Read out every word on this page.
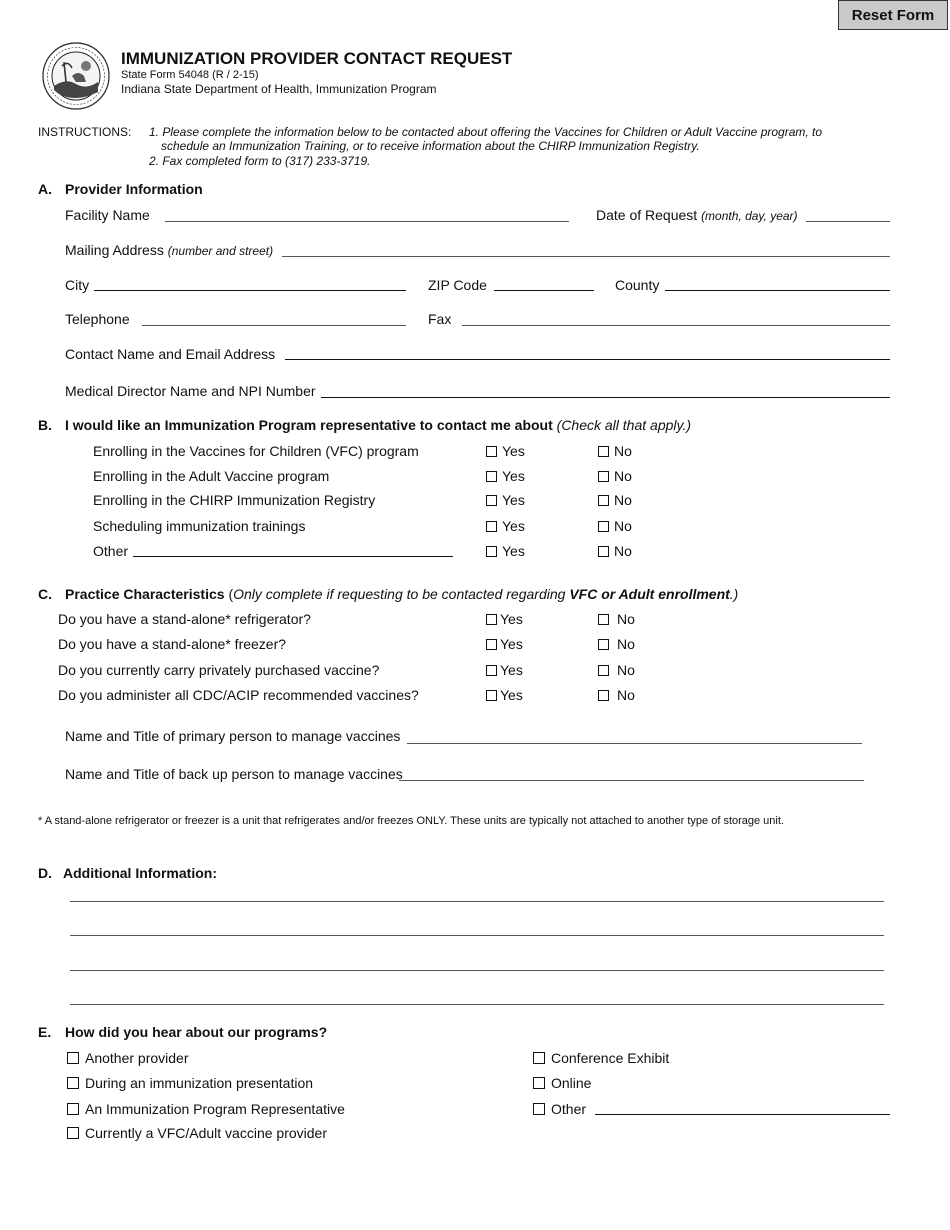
Reset Form
IMMUNIZATION PROVIDER CONTACT REQUEST
State Form 54048 (R / 2-15)
Indiana State Department of Health, Immunization Program
INSTRUCTIONS: 1. Please complete the information below to be contacted about offering the Vaccines for Children or Adult Vaccine program, to
schedule an Immunization Training, or to receive information about the CHIRP Immunization Registry.
2. Fax completed form to (317) 233-3719.
A. Provider Information
Facility Name	Date of Request (month, day, year)
Mailing Address (number and street)
City	ZIP Code	County
Telephone	Fax
Contact Name and Email Address
Medical Director Name and NPI Number
B. I would like an Immunization Program representative to contact me about (Check all that apply.)
Enrolling in the Vaccines for Children (VFC) program	Yes	No
Enrolling in the Adult Vaccine program	Yes	No
Enrolling in the CHIRP Immunization Registry	Yes	No
Scheduling immunization trainings	Yes	No
Other	Yes	No
C. Practice Characteristics (Only complete if requesting to be contacted regarding VFC or Adult enrollment.)
Do you have a stand-alone* refrigerator?	Yes	No
Do you have a stand-alone* freezer?	Yes	No
Do you currently carry privately purchased vaccine?	Yes	No
Do you administer all CDC/ACIP recommended vaccines?	Yes	No
Name and Title of primary person to manage vaccines
Name and Title of back up person to manage vaccines
* A stand-alone refrigerator or freezer is a unit that refrigerates and/or freezes ONLY. These units are typically not attached to another type of storage unit.
D. Additional Information:
E. How did you hear about our programs?
Another provider
During an immunization presentation
An Immunization Program Representative
Currently a VFC/Adult vaccine provider
Conference Exhibit
Online
Other
